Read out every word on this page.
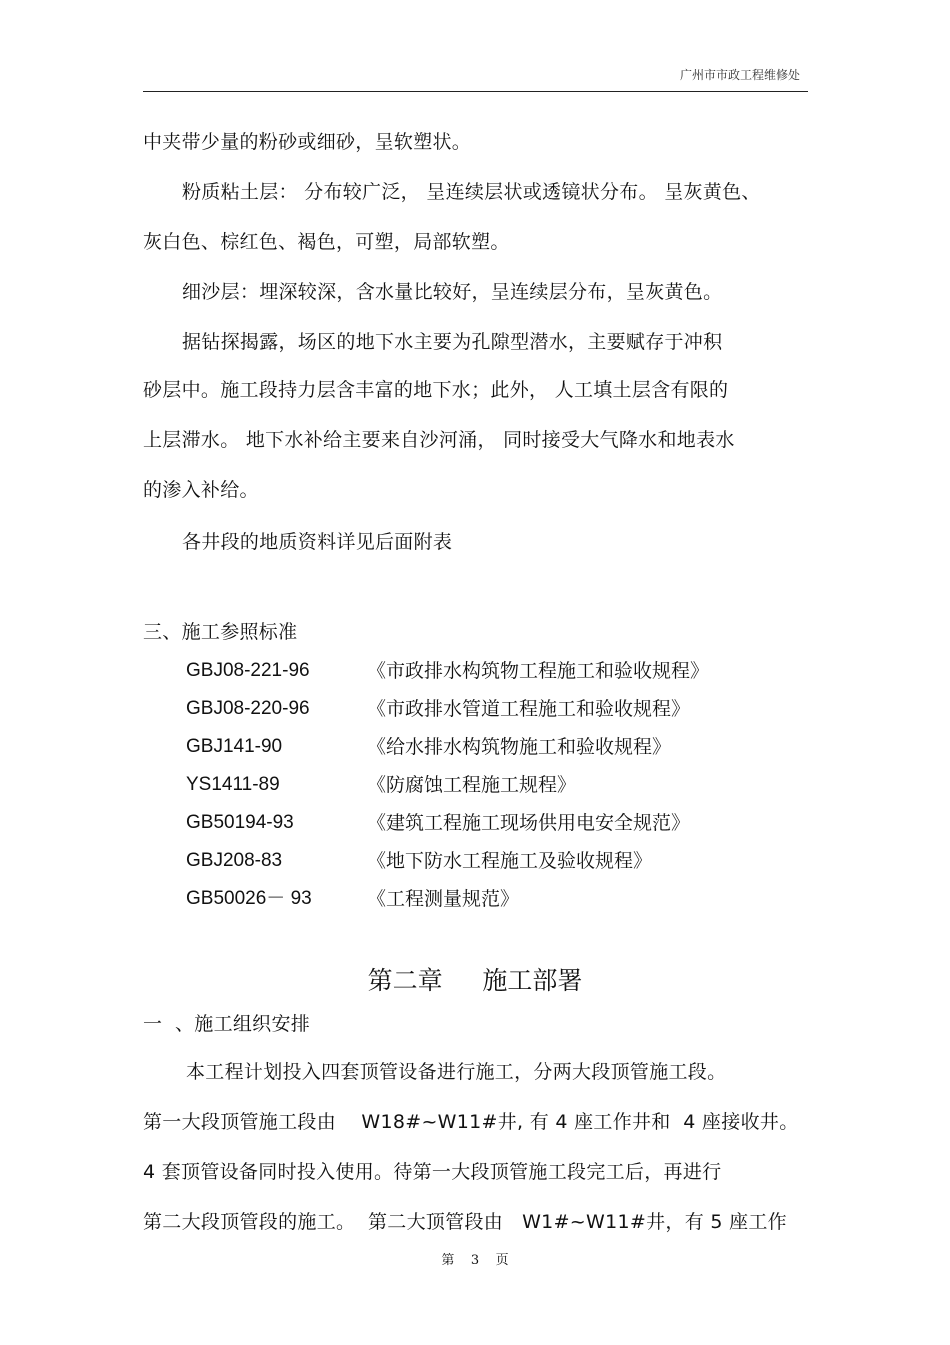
广州市市政工程维修处
中夹带少量的粉砂或细砂，呈软塑状。
粉质粘土层： 分布较广泛， 呈连续层状或透镜状分布。 呈灰黄色、
灰白色、棕红色、褐色，可塑，局部软塑。
细沙层：埋深较深，含水量比较好，呈连续层分布，呈灰黄色。
据钻探揭露，场区的地下水主要为孔隙型潜水，主要赋存于冲积
砂层中。施工段持力层含丰富的地下水；此外， 人工填土层含有限的
上层滞水。 地下水补给主要来自沙河涌， 同时接受大气降水和地表水
的渗入补给。
各井段的地质资料详见后面附表
三、施工参照标准
GBJ08-221-96	《市政排水构筑物工程施工和验收规程》
GBJ08-220-96	《市政排水管道工程施工和验收规程》
GBJ141-90	《给水排水构筑物施工和验收规程》
YS1411-89	《防腐蚀工程施工规程》
GB50194-93	《建筑工程施工现场供用电安全规范》
GBJ208-83	《地下防水工程施工及验收规程》
GB50026－ 93	《工程测量规范》
第二章     施工部署
一  、施工组织安排
本工程计划投入四套顶管设备进行施工，分两大段顶管施工段。
第一大段顶管施工段由    W18#~W11#井, 有 4 座工作井和  4 座接收井。
4 套顶管设备同时投入使用。待第一大段顶管施工段完工后，再进行
第二大段顶管段的施工。  第二大顶管段由   W1#~W11#井，有 5 座工作
第    3    页
